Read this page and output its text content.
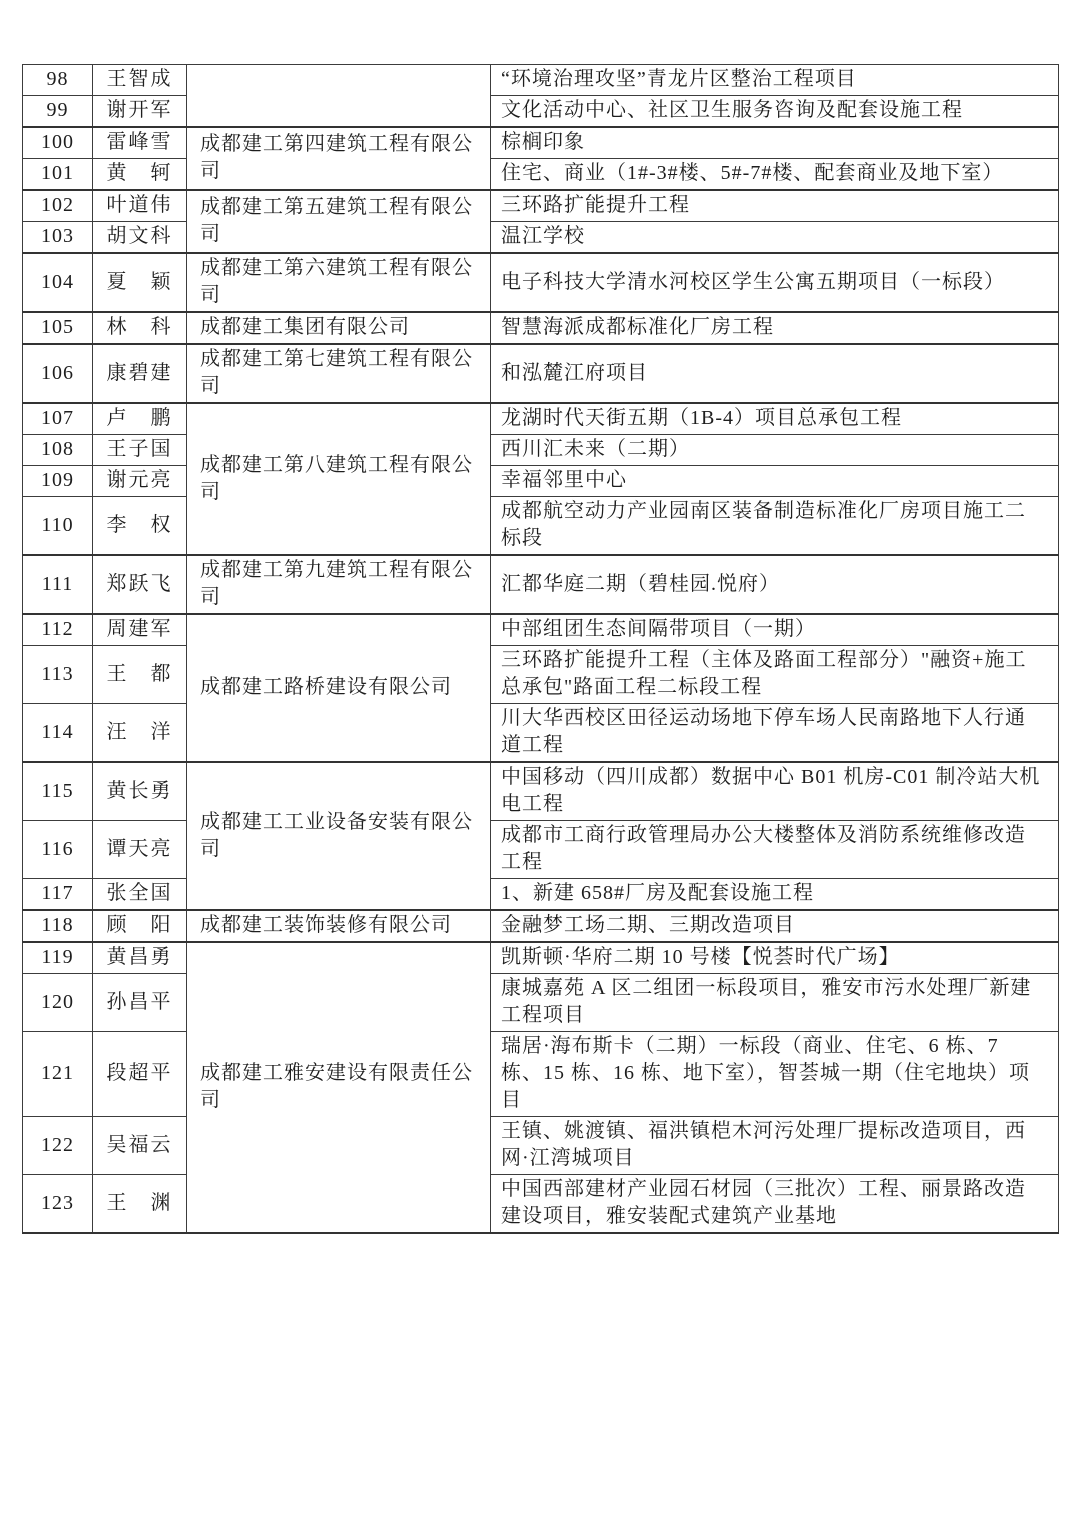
98	王智成		“环境治理攻坚”青龙片区整治工程项目
99	谢开军		文化活动中心、社区卫生服务咨询及配套设施工程
100	雷峰雪	成都建工第四建筑工程有限公司	棕榈印象
101	黄　轲		住宅、商业（1#-3#楼、5#-7#楼、配套商业及地下室）
102	叶道伟	成都建工第五建筑工程有限公司	三环路扩能提升工程
103	胡文科		温江学校
104	夏　颖	成都建工第六建筑工程有限公司	电子科技大学清水河校区学生公寓五期项目（一标段）
105	林　科	成都建工集团有限公司	智慧海派成都标准化厂房工程
106	康碧建	成都建工第七建筑工程有限公司	和泓麓江府项目
107	卢　鹏	成都建工第八建筑工程有限公司	龙湖时代天街五期（1B-4）项目总承包工程
108	王子国		西川汇未来（二期）
109	谢元亮		幸福邻里中心
110	李　权		成都航空动力产业园南区装备制造标准化厂房项目施工二标段
111	郑跃飞	成都建工第九建筑工程有限公司	汇都华庭二期（碧桂园.悦府）
112	周建军	成都建工路桥建设有限公司	中部组团生态间隔带项目（一期）
113	王　都		三环路扩能提升工程（主体及路面工程部分）"融资+施工总承包"路面工程二标段工程
114	汪　洋		川大华西校区田径运动场地下停车场人民南路地下人行通道工程
115	黄长勇	成都建工工业设备安装有限公司	中国移动（四川成都）数据中心 B01 机房-C01 制冷站大机电工程
116	谭天亮		成都市工商行政管理局办公大楼整体及消防系统维修改造工程
117	张全国		1、新建 658#厂房及配套设施工程
118	顾　阳	成都建工装饰装修有限公司	金融梦工场二期、三期改造项目
119	黄昌勇	成都建工雅安建设有限责任公司	凯斯顿·华府二期 10 号楼【悦荟时代广场】
120	孙昌平		康城嘉苑 A 区二组团一标段项目，雅安市污水处理厂新建工程项目
121	段超平		瑞居·海布斯卡（二期）一标段（商业、住宅、6 栋、7 栋、15 栋、16 栋、地下室），智荟城一期（住宅地块）项目
122	吴福云		王镇、姚渡镇、福洪镇桤木河污处理厂提标改造项目，西网·江湾城项目
123	王　渊		中国西部建材产业园石材园（三批次）工程、丽景路改造建设项目，雅安装配式建筑产业基地
